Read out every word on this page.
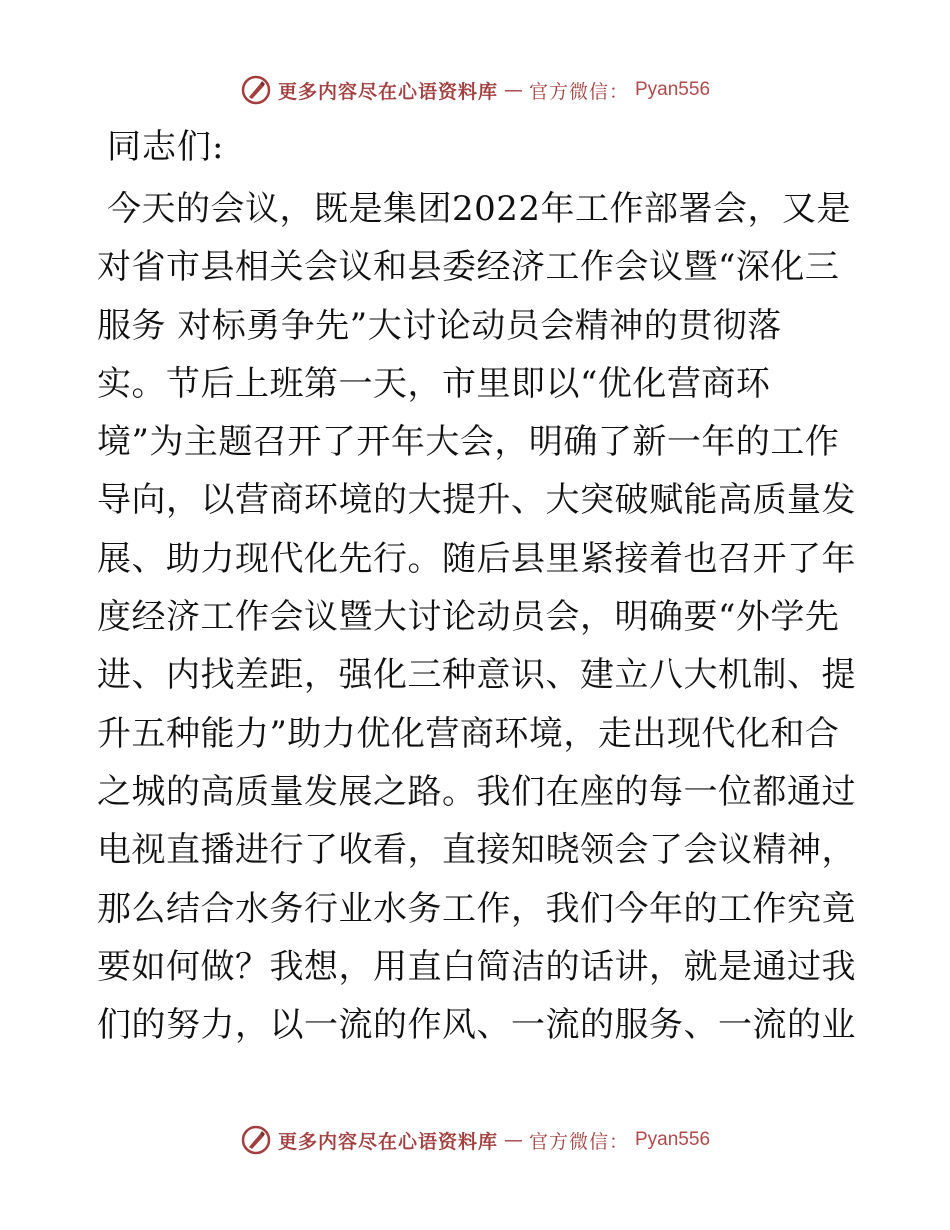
更多内容尽在心语资料库 — 官方微信： Pyan556
同志们:
今天的会议，既是集团2022年工作部署会，又是
对省市县相关会议和县委经济工作会议暨“深化三
服务 对标勇争先”大讨论动员会精神的贯彻落
实。节后上班第一天，市里即以“优化营商环
境”为主题召开了开年大会，明确了新一年的工作
导向，以营商环境的大提升、大突破赋能高质量发
展、助力现代化先行。随后县里紧接着也召开了年
度经济工作会议暨大讨论动员会，明确要“外学先
进、内找差距，强化三种意识、建立八大机制、提
升五种能力”助力优化营商环境，走出现代化和合
之城的高质量发展之路。我们在座的每一位都通过
电视直播进行了收看，直接知晓领会了会议精神，
那么结合水务行业水务工作，我们今年的工作究竟
要如何做？我想，用直白简洁的话讲，就是通过我
们的努力，以一流的作风、一流的服务、一流的业
更多内容尽在心语资料库 — 官方微信： Pyan556
